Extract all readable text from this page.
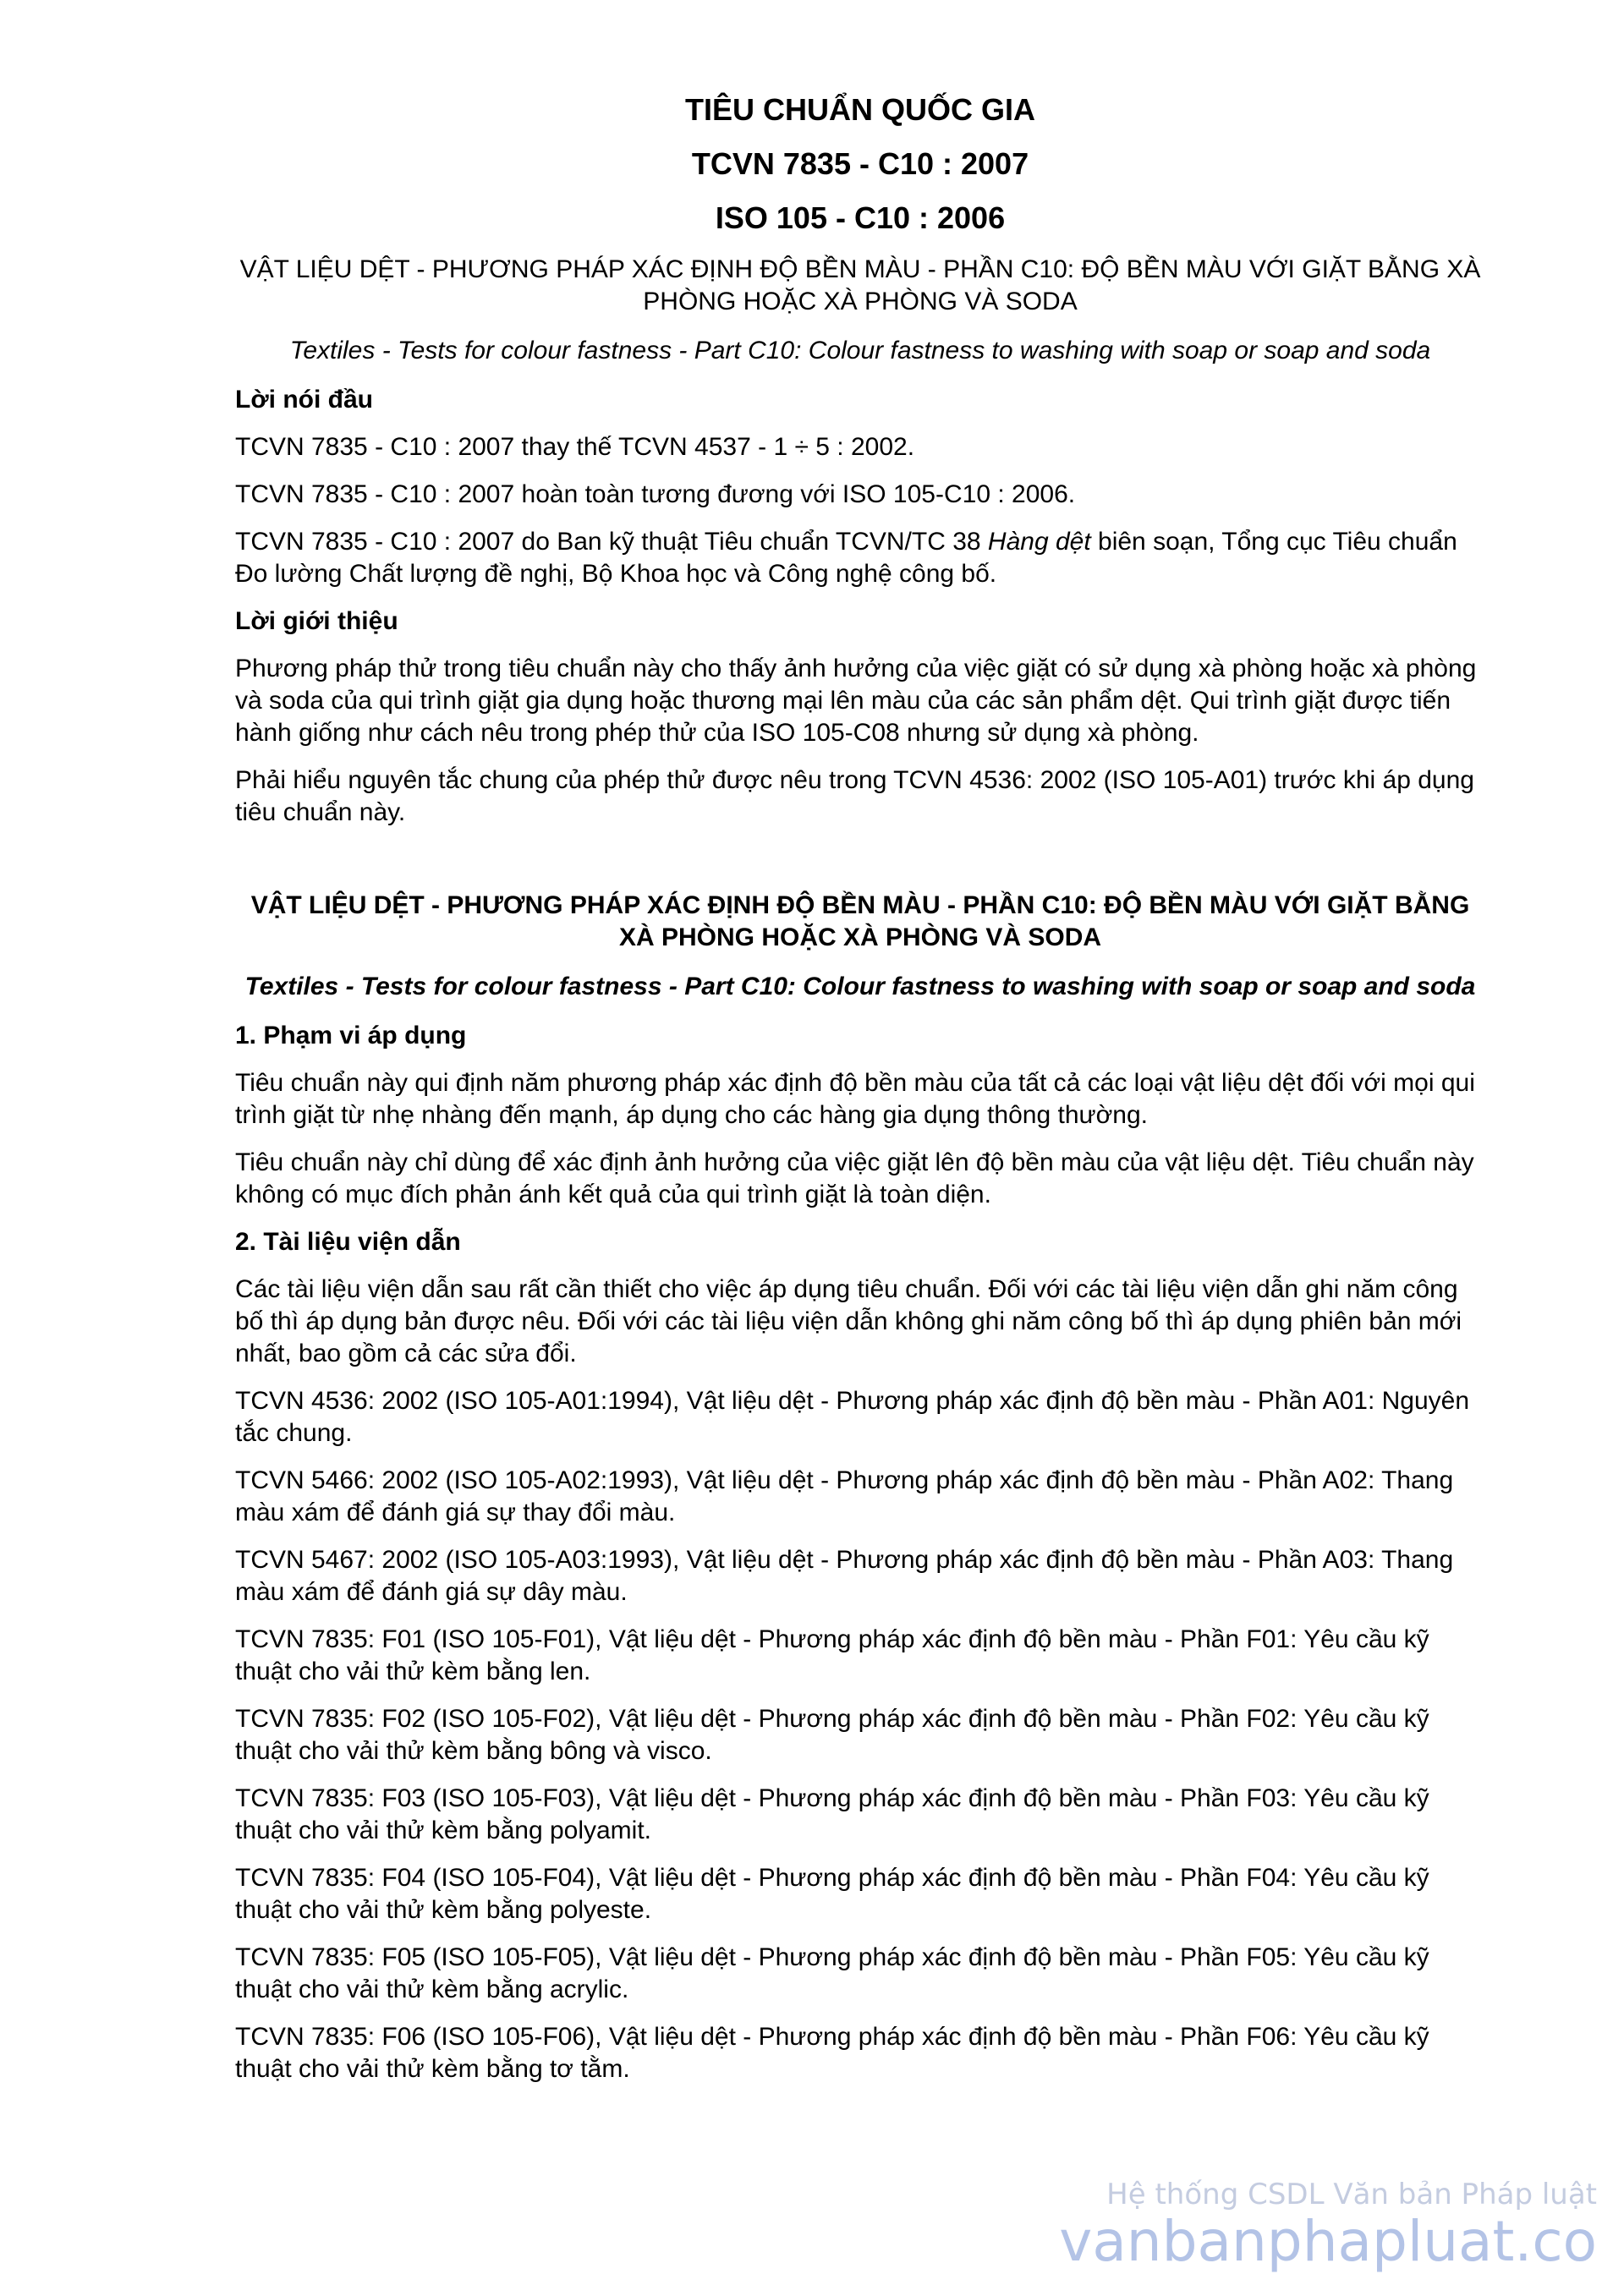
TIÊU CHUẨN QUỐC GIA
TCVN 7835 - C10 : 2007
ISO 105 - C10 : 2006
VẬT LIỆU DỆT - PHƯƠNG PHÁP XÁC ĐỊNH ĐỘ BỀN MÀU - PHẦN C10: ĐỘ BỀN MÀU VỚI GIẶT BẰNG XÀ PHÒNG HOẶC XÀ PHÒNG VÀ SODA
Textiles - Tests for colour fastness - Part C10: Colour fastness to washing with soap or soap and soda
Lời nói đầu
TCVN 7835 - C10 : 2007 thay thế TCVN 4537 - 1 ÷ 5 : 2002.
TCVN 7835 - C10 : 2007 hoàn toàn tương đương với ISO 105-C10 : 2006.
TCVN 7835 - C10 : 2007 do Ban kỹ thuật Tiêu chuẩn TCVN/TC 38 Hàng dệt biên soạn, Tổng cục Tiêu chuẩn Đo lường Chất lượng đề nghị, Bộ Khoa học và Công nghệ công bố.
Lời giới thiệu
Phương pháp thử trong tiêu chuẩn này cho thấy ảnh hưởng của việc giặt có sử dụng xà phòng hoặc xà phòng và soda của qui trình giặt gia dụng hoặc thương mại lên màu của các sản phẩm dệt. Qui trình giặt được tiến hành giống như cách nêu trong phép thử của ISO 105-C08 nhưng sử dụng xà phòng.
Phải hiểu nguyên tắc chung của phép thử được nêu trong TCVN 4536: 2002 (ISO 105-A01) trước khi áp dụng tiêu chuẩn này.
VẬT LIỆU DỆT - PHƯƠNG PHÁP XÁC ĐỊNH ĐỘ BỀN MÀU - PHẦN C10: ĐỘ BỀN MÀU VỚI GIẶT BẰNG XÀ PHÒNG HOẶC XÀ PHÒNG VÀ SODA
Textiles - Tests for colour fastness - Part C10: Colour fastness to washing with soap or soap and soda
1. Phạm vi áp dụng
Tiêu chuẩn này qui định năm phương pháp xác định độ bền màu của tất cả các loại vật liệu dệt đối với mọi qui trình giặt từ nhẹ nhàng đến mạnh, áp dụng cho các hàng gia dụng thông thường.
Tiêu chuẩn này chỉ dùng để xác định ảnh hưởng của việc giặt lên độ bền màu của vật liệu dệt. Tiêu chuẩn này không có mục đích phản ánh kết quả của qui trình giặt là toàn diện.
2. Tài liệu viện dẫn
Các tài liệu viện dẫn sau rất cần thiết cho việc áp dụng tiêu chuẩn. Đối với các tài liệu viện dẫn ghi năm công bố thì áp dụng bản được nêu. Đối với các tài liệu viện dẫn không ghi năm công bố thì áp dụng phiên bản mới nhất, bao gồm cả các sửa đổi.
TCVN 4536: 2002 (ISO 105-A01:1994), Vật liệu dệt - Phương pháp xác định độ bền màu - Phần A01: Nguyên tắc chung.
TCVN 5466: 2002 (ISO 105-A02:1993), Vật liệu dệt - Phương pháp xác định độ bền màu - Phần A02: Thang màu xám để đánh giá sự thay đổi màu.
TCVN 5467: 2002 (ISO 105-A03:1993), Vật liệu dệt - Phương pháp xác định độ bền màu - Phần A03: Thang màu xám để đánh giá sự dây màu.
TCVN 7835: F01 (ISO 105-F01), Vật liệu dệt - Phương pháp xác định độ bền màu - Phần F01: Yêu cầu kỹ thuật cho vải thử kèm bằng len.
TCVN 7835: F02 (ISO 105-F02), Vật liệu dệt - Phương pháp xác định độ bền màu - Phần F02: Yêu cầu kỹ thuật cho vải thử kèm bằng bông và visco.
TCVN 7835: F03 (ISO 105-F03), Vật liệu dệt - Phương pháp xác định độ bền màu - Phần F03: Yêu cầu kỹ thuật cho vải thử kèm bằng polyamit.
TCVN 7835: F04 (ISO 105-F04), Vật liệu dệt - Phương pháp xác định độ bền màu - Phần F04: Yêu cầu kỹ thuật cho vải thử kèm bằng polyeste.
TCVN 7835: F05 (ISO 105-F05), Vật liệu dệt - Phương pháp xác định độ bền màu - Phần F05: Yêu cầu kỹ thuật cho vải thử kèm bằng acrylic.
TCVN 7835: F06 (ISO 105-F06), Vật liệu dệt - Phương pháp xác định độ bền màu - Phần F06: Yêu cầu kỹ thuật cho vải thử kèm bằng tơ tằm.
Hệ thống CSDL Văn bản Pháp luật
vanbanphapluat.co
